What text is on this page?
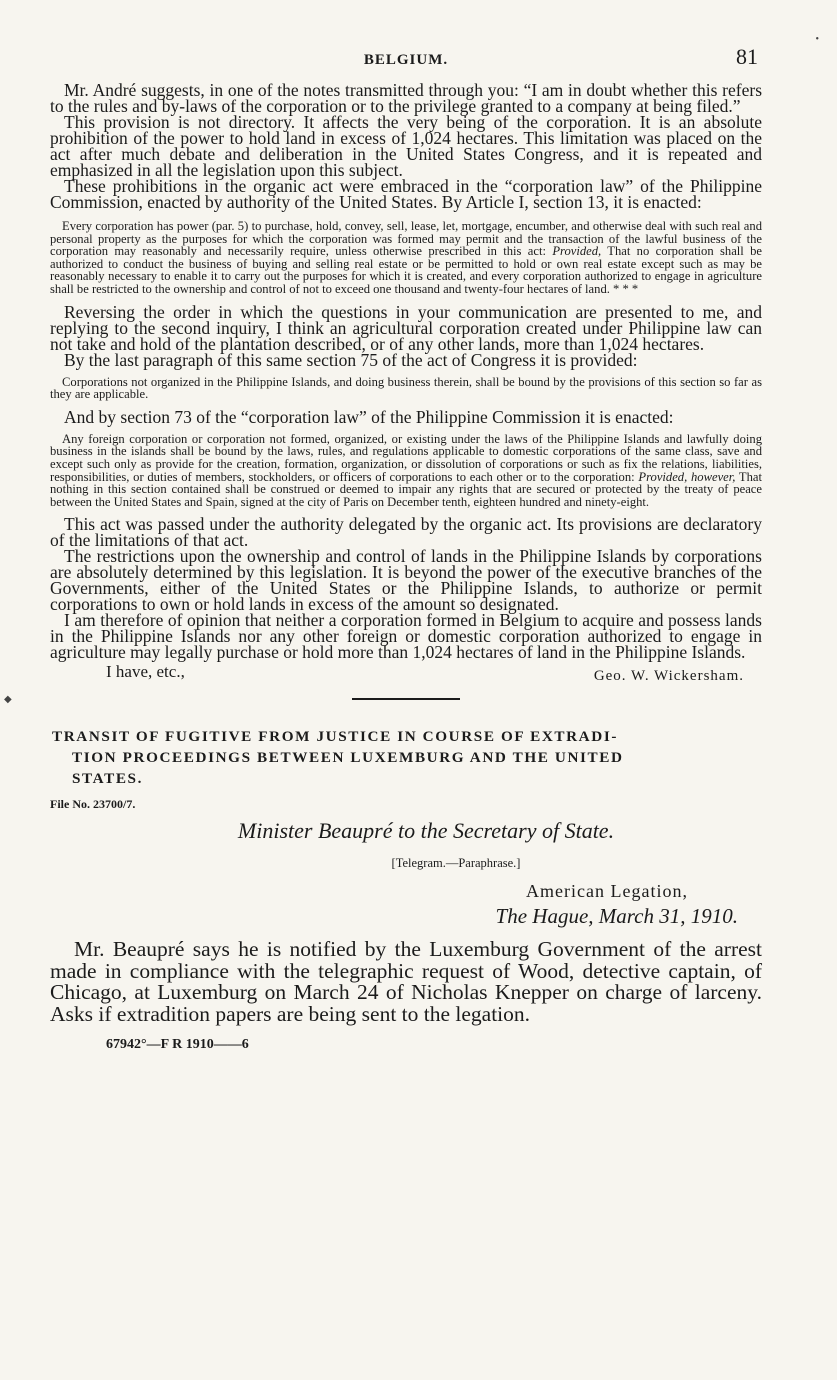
BELGIUM.	81

Mr. André suggests, in one of the notes transmitted through you: “I am in doubt whether this refers to the rules and by-laws of the corporation or to the privilege granted to a company at being filed.”

This provision is not directory. It affects the very being of the corporation. It is an absolute prohibition of the power to hold land in excess of 1,024 hectares. This limitation was placed on the act after much debate and deliberation in the United States Congress, and it is repeated and emphasized in all the legislation upon this subject.

These prohibitions in the organic act were embraced in the “corporation law” of the Philippine Commission, enacted by authority of the United States. By Article I, section 13, it is enacted:

Every corporation has power (par. 5) to purchase, hold, convey, sell, lease, let, mortgage, encumber, and otherwise deal with such real and personal property as the purposes for which the corporation was formed may permit and the transaction of the lawful business of the corporation may reasonably and necessarily require, unless otherwise prescribed in this act: Provided, That no corporation shall be authorized to conduct the business of buying and selling real estate or be permitted to hold or own real estate except such as may be reasonably necessary to enable it to carry out the purposes for which it is created, and every corporation authorized to engage in agriculture shall be restricted to the ownership and control of not to exceed one thousand and twenty-four hectares of land. * * *

Reversing the order in which the questions in your communication are presented to me, and replying to the second inquiry, I think an agricultural corporation created under Philippine law can not take and hold of the plantation described, or of any other lands, more than 1,024 hectares.

By the last paragraph of this same section 75 of the act of Congress it is provided:

Corporations not organized in the Philippine Islands, and doing business therein, shall be bound by the provisions of this section so far as they are applicable.

And by section 73 of the “corporation law” of the Philippine Commission it is enacted:

Any foreign corporation or corporation not formed, organized, or existing under the laws of the Philippine Islands and lawfully doing business in the islands shall be bound by the laws, rules, and regulations applicable to domestic corporations of the same class, save and except such only as provide for the creation, formation, organization, or dissolution of corporations or such as fix the relations, liabilities, responsibilities, or duties of members, stockholders, or officers of corporations to each other or to the corporation: Provided, however, That nothing in this section contained shall be construed or deemed to impair any rights that are secured or protected by the treaty of peace between the United States and Spain, signed at the city of Paris on December tenth, eighteen hundred and ninety-eight.

This act was passed under the authority delegated by the organic act. Its provisions are declaratory of the limitations of that act.

The restrictions upon the ownership and control of lands in the Philippine Islands by corporations are absolutely determined by this legislation. It is beyond the power of the executive branches of the Governments, either of the United States or the Philippine Islands, to authorize or permit corporations to own or hold lands in excess of the amount so designated.

I am therefore of opinion that neither a corporation formed in Belgium to acquire and possess lands in the Philippine Islands nor any other foreign or domestic corporation authorized to engage in agriculture may legally purchase or hold more than 1,024 hectares of land in the Philippine Islands.

I have, etc.,	Geo. W. Wickersham.
TRANSIT OF FUGITIVE FROM JUSTICE IN COURSE OF EXTRADI-
TION PROCEEDINGS BETWEEN LUXEMBURG AND THE UNITED
STATES.
File No. 23700/7.
Minister Beaupré to the Secretary of State.
[Telegram.—Paraphrase.]
American Legation,
The Hague, March 31, 1910.

Mr. Beaupré says he is notified by the Luxemburg Government of the arrest made in compliance with the telegraphic request of Wood, detective captain, of Chicago, at Luxemburg on March 24 of Nicholas Knepper on charge of larceny. Asks if extradition papers are being sent to the legation.

67942°—F R 1910——6
◆
•
